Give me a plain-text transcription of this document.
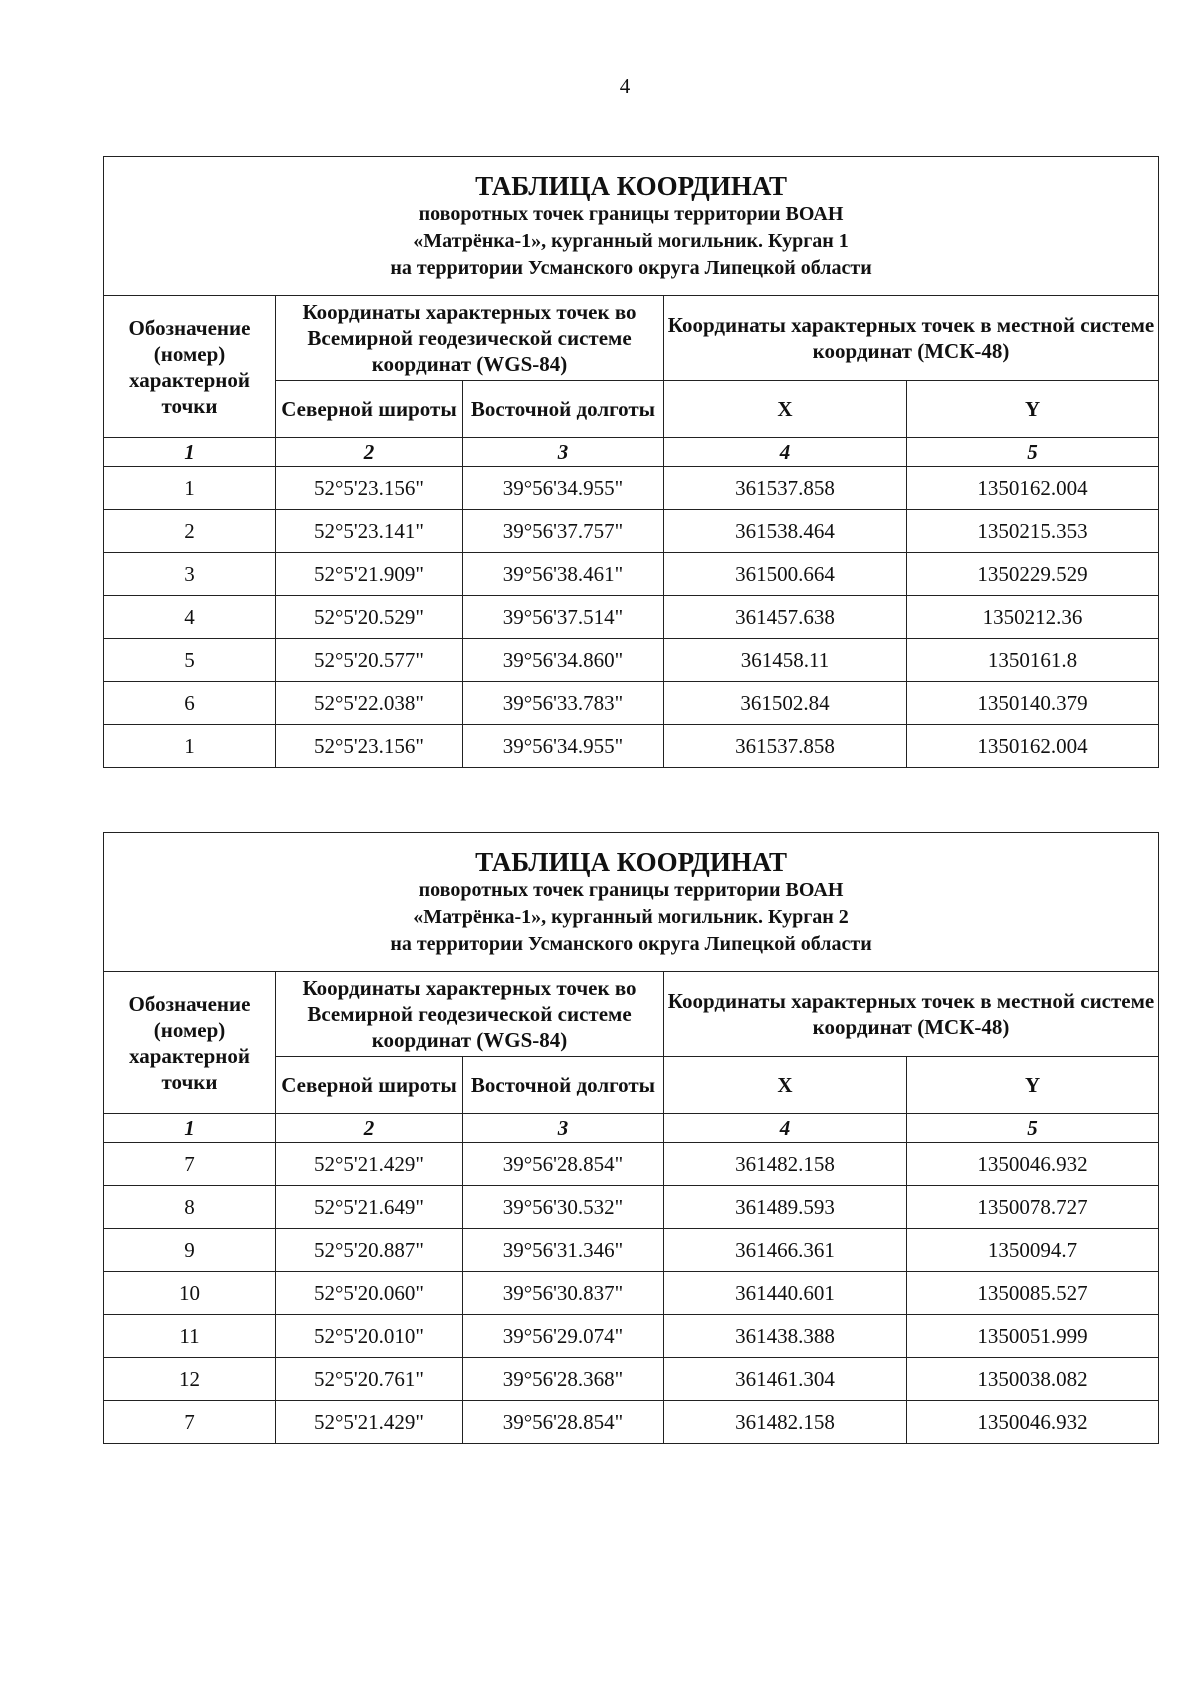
4
ТАБЛИЦА КООРДИНАТ
поворотных точек границы территории ВОАН
«Матрёнка-1», курганный могильник. Курган 1
на территории Усманского округа Липецкой области				

Обозначение (номер) характерной точки	Координаты характерных точек во Всемирной геодезической системе координат (WGS-84)		Координаты характерных точек в местной системе координат (МСК-48)	
	Северной широты	Восточной долготы	X	Y
1	2	3	4	5
1	52°5'23.156"	39°56'34.955"	361537.858	1350162.004
2	52°5'23.141"	39°56'37.757"	361538.464	1350215.353
3	52°5'21.909"	39°56'38.461"	361500.664	1350229.529
4	52°5'20.529"	39°56'37.514"	361457.638	1350212.36
5	52°5'20.577"	39°56'34.860"	361458.11	1350161.8
6	52°5'22.038"	39°56'33.783"	361502.84	1350140.379
1	52°5'23.156"	39°56'34.955"	361537.858	1350162.004
ТАБЛИЦА КООРДИНАТ
поворотных точек границы территории ВОАН
«Матрёнка-1», курганный могильник. Курган 2
на территории Усманского округа Липецкой области				

Обозначение (номер) характерной точки	Координаты характерных точек во Всемирной геодезической системе координат (WGS-84)		Координаты характерных точек в местной системе координат (МСК-48)	
	Северной широты	Восточной долготы	X	Y
1	2	3	4	5
7	52°5'21.429"	39°56'28.854"	361482.158	1350046.932
8	52°5'21.649"	39°56'30.532"	361489.593	1350078.727
9	52°5'20.887"	39°56'31.346"	361466.361	1350094.7
10	52°5'20.060"	39°56'30.837"	361440.601	1350085.527
11	52°5'20.010"	39°56'29.074"	361438.388	1350051.999
12	52°5'20.761"	39°56'28.368"	361461.304	1350038.082
7	52°5'21.429"	39°56'28.854"	361482.158	1350046.932
